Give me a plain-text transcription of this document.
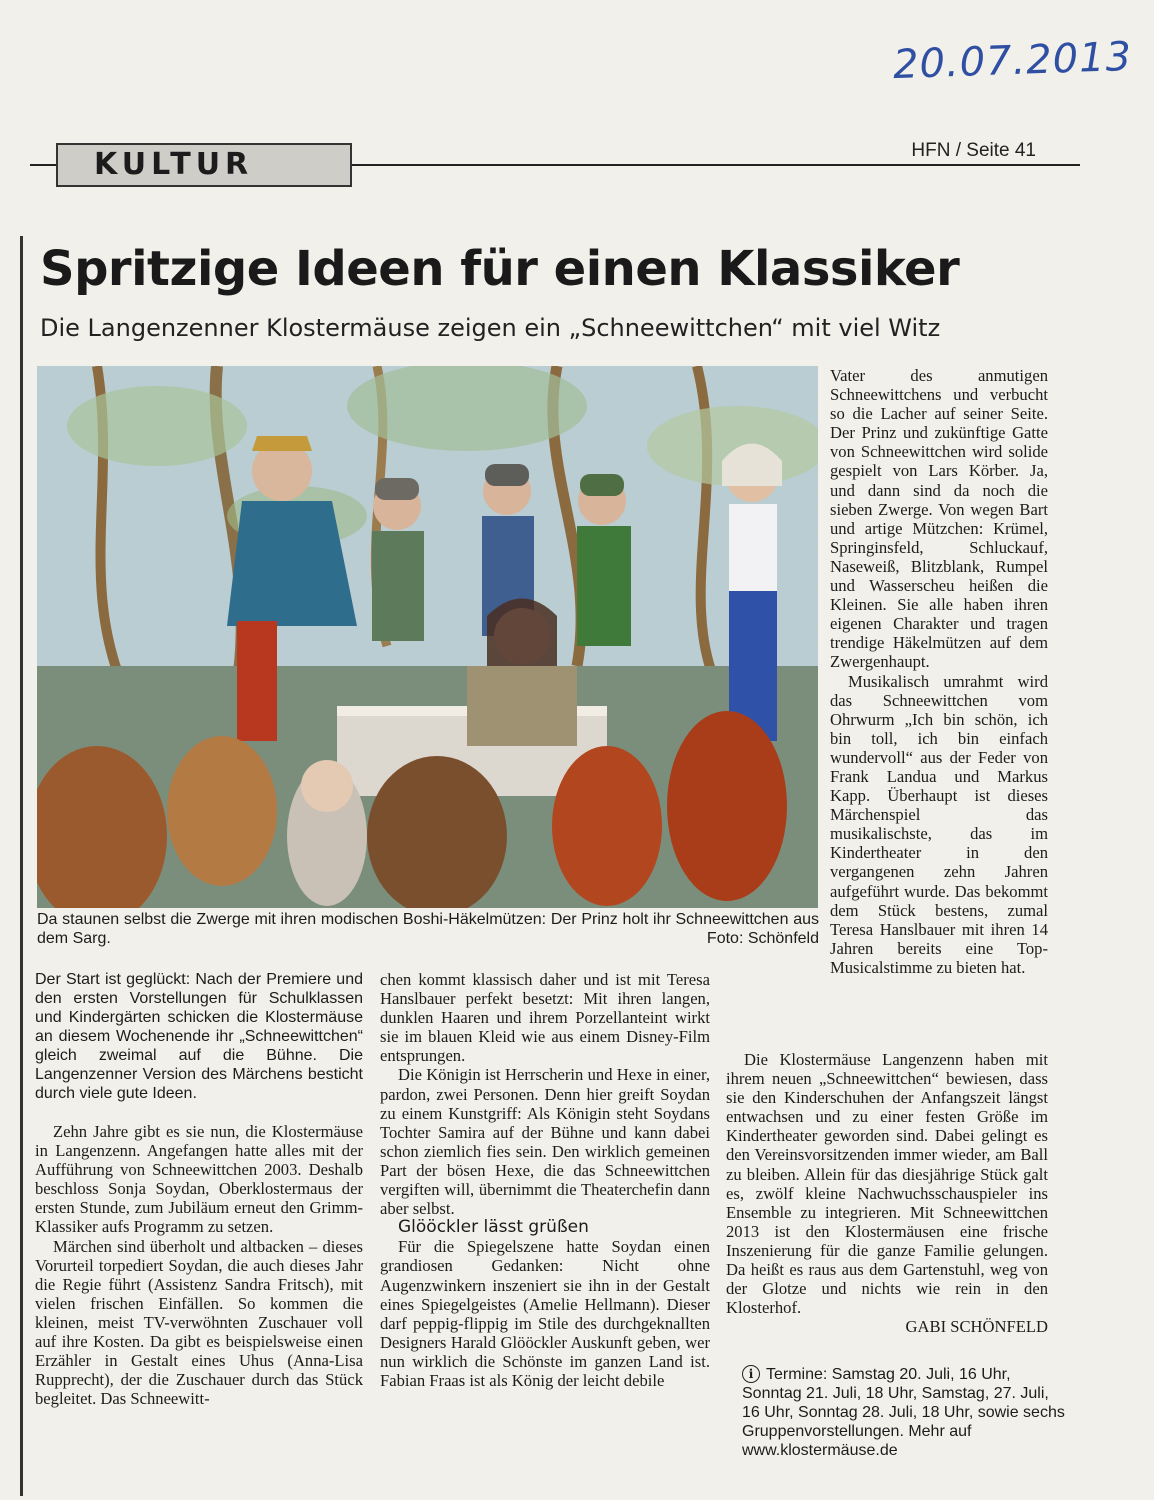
20.07.2013
KULTUR	HFN / Seite 41
Spritzige Ideen für einen Klassiker
Die Langenzenner Klostermäuse zeigen ein „Schneewittchen“ mit viel Witz
Da staunen selbst die Zwerge mit ihren modischen Boshi-Häkelmützen: Der Prinz holt ihr Schneewittchen aus dem Sarg.	Foto: Schönfeld

Der Start ist geglückt: Nach der Premiere und den ersten Vorstellungen für Schulklassen und Kindergärten schicken die Klostermäuse an diesem Wochenende ihr „Schneewittchen“ gleich zweimal auf die Bühne. Die Langenzenner Version des Märchens besticht durch viele gute Ideen.

Zehn Jahre gibt es sie nun, die Klostermäuse in Langenzenn. Angefangen hatte alles mit der Aufführung von Schneewittchen 2003. Deshalb beschloss Sonja Soydan, Oberklostermaus der ersten Stunde, zum Jubiläum erneut den Grimm-Klassiker aufs Programm zu setzen.

Märchen sind überholt und altbacken – dieses Vorurteil torpediert Soydan, die auch dieses Jahr die Regie führt (Assistenz Sandra Fritsch), mit vielen frischen Einfällen. So kommen die kleinen, meist TV-verwöhnten Zuschauer voll auf ihre Kosten. Da gibt es beispielsweise einen Erzähler in Gestalt eines Uhus (Anna-Lisa Rupprecht), der die Zuschauer durch das Stück begleitet. Das Schneewitt-

chen kommt klassisch daher und ist mit Teresa Hanslbauer perfekt besetzt: Mit ihren langen, dunklen Haaren und ihrem Porzellanteint wirkt sie im blauen Kleid wie aus einem Disney-Film entsprungen.

Die Königin ist Herrscherin und Hexe in einer, pardon, zwei Personen. Denn hier greift Soydan zu einem Kunstgriff: Als Königin steht Soydans Tochter Samira auf der Bühne und kann dabei schon ziemlich fies sein. Den wirklich gemeinen Part der bösen Hexe, die das Schneewittchen vergiften will, übernimmt die Theaterchefin dann aber selbst.

Glööckler lässt grüßen

Für die Spiegelszene hatte Soydan einen grandiosen Gedanken: Nicht ohne Augenzwinkern inszeniert sie ihn in der Gestalt eines Spiegelgeistes (Amelie Hellmann). Dieser darf peppig-flippig im Stile des durchgeknallten Designers Harald Glööckler Auskunft geben, wer nun wirklich die Schönste im ganzen Land ist. Fabian Fraas ist als König der leicht debile

Vater des anmutigen Schneewittchens und verbucht so die Lacher auf seiner Seite. Der Prinz und zukünftige Gatte von Schneewittchen wird solide gespielt von Lars Körber. Ja, und dann sind da noch die sieben Zwerge. Von wegen Bart und artige Mützchen: Krümel, Springinsfeld, Schluckauf, Naseweiß, Blitzblank, Rumpel und Wasserscheu heißen die Kleinen. Sie alle haben ihren eigenen Charakter und tragen trendige Häkelmützen auf dem Zwergenhaupt.

Musikalisch umrahmt wird das Schneewittchen vom Ohrwurm „Ich bin schön, ich bin toll, ich bin einfach wundervoll“ aus der Feder von Frank Landua und Markus Kapp. Überhaupt ist dieses Märchenspiel das musikalischste, das im Kindertheater in den vergangenen zehn Jahren aufgeführt wurde. Das bekommt dem Stück bestens, zumal Teresa Hanslbauer mit ihren 14 Jahren bereits eine Top-Musicalstimme zu bieten hat.

Die Klostermäuse Langenzenn haben mit ihrem neuen „Schneewittchen“ bewiesen, dass sie den Kinderschuhen der Anfangszeit längst entwachsen und zu einer festen Größe im Kindertheater geworden sind. Dabei gelingt es den Vereinsvorsitzenden immer wieder, am Ball zu bleiben. Allein für das diesjährige Stück galt es, zwölf kleine Nachwuchsschauspieler ins Ensemble zu integrieren. Mit Schneewittchen 2013 ist den Klostermäusen eine frische Inszenierung für die ganze Familie gelungen. Da heißt es raus aus dem Gartenstuhl, weg von der Glotze und nichts wie rein in den Klosterhof.

GABI SCHÖNFELD

i Termine: Samstag 20. Juli, 16 Uhr, Sonntag 21. Juli, 18 Uhr, Samstag, 27. Juli, 16 Uhr, Sonntag 28. Juli, 18 Uhr, sowie sechs Gruppenvorstellungen. Mehr auf www.klostermäuse.de
